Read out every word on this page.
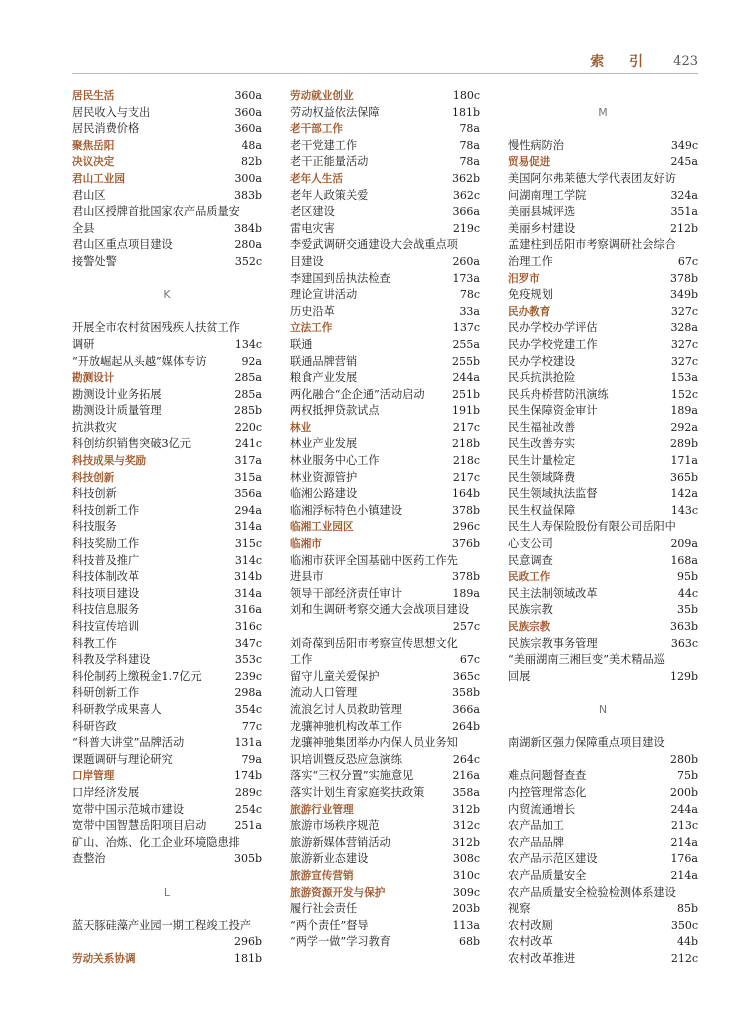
索 引 423
居民生活	360a
居民收入与支出	360a
居民消费价格	360a
聚焦岳阳	48a
决议决定	82b
君山工业园	300a
君山区	383b
君山区授牌首批国家农产品质量安
全县	384b
君山区重点项目建设	280a
接警处警	352c
K
开展全市农村贫困残疾人扶贫工作
调研	134c
“开放崛起从头越”媒体专访	92a
勘测设计	285a
勘测设计业务拓展	285a
勘测设计质量管理	285b
抗洪救灾	220c
科创纺织销售突破3亿元	241c
科技成果与奖励	317a
科技创新	315a
科技创新	356a
科技创新工作	294a
科技服务	314a
科技奖励工作	315c
科技普及推广	314c
科技体制改革	314b
科技项目建设	314a
科技信息服务	316a
科技宣传培训	316c
科教工作	347c
科教及学科建设	353c
科伦制药上缴税金1.7亿元	239c
科研创新工作	298a
科研教学成果喜人	354c
科研咨政	77c
“科普大讲堂”品牌活动	131a
课题调研与理论研究	79a
口岸管理	174b
口岸经济发展	289c
宽带中国示范城市建设	254c
宽带中国智慧岳阳项目启动	251a
矿山、冶炼、化工企业环境隐患排
查整治	305b
L
蓝天豚硅藻产业园一期工程竣工投产
296b
劳动关系协调	181b
劳动就业创业	180c
劳动权益依法保障	181b
老干部工作	78a
老干党建工作	78a
老干正能量活动	78a
老年人生活	362b
老年人政策关爱	362c
老区建设	366a
雷电灾害	219c
李爱武调研交通建设大会战重点项
目建设	260a
李建国到岳执法检查	173a
理论宣讲活动	78c
历史沿革	33a
立法工作	137c
联通	255a
联通品牌营销	255b
粮食产业发展	244a
两化融合“企企通”活动启动 251b
两权抵押贷款试点	191b
林业	217c
林业产业发展	218b
林业服务中心工作	218c
林业资源管护	217c
临湘公路建设	164b
临湘浮标特色小镇建设	378b
临湘工业园区	296c
临湘市	376b
临湘市获评全国基础中医药工作先
进县市	378b
领导干部经济责任审计	189a
刘和生调研考察交通大会战项目建设
257c
刘奇葆到岳阳市考察宣传思想文化
工作	67c
留守儿童关爱保护	365c
流动人口管理	358b
流浪乞讨人员救助管理	366a
龙骧神驰机构改革工作	264b
龙骧神驰集团举办内保人员业务知
识培训暨反恐应急演练	264c
落实“三权分置”实施意见	216a
落实计划生育家庭奖扶政策	358a
旅游行业管理	312b
旅游市场秩序规范	312c
旅游新媒体营销活动	312b
旅游新业态建设	308c
旅游宣传营销	310c
旅游资源开发与保护	309c
履行社会责任	203b
“两个责任”督导	113a
“两学一做”学习教育	68b
M
慢性病防治	349c
贸易促进	245a
美国阿尔弗莱德大学代表团友好访
问湖南理工学院	324a
美丽县城评选	351a
美丽乡村建设	212b
孟建柱到岳阳市考察调研社会综合
治理工作	67c
汨罗市	378b
免疫规划	349b
民办教育	327c
民办学校办学评估	328a
民办学校党建工作	327c
民办学校建设	327c
民兵抗洪抢险	153a
民兵舟桥营防汛演练	152c
民生保障资金审计	189a
民生福祉改善	292a
民生改善夯实	289b
民生计量检定	171a
民生领域降费	365b
民生领域执法监督	142a
民生权益保障	143c
民生人寿保险股份有限公司岳阳中
心支公司	209a
民意调查	168a
民政工作	95b
民主法制领域改革	44c
民族宗教	35b
民族宗教	363b
民族宗教事务管理	363c
“美丽湖南三湘巨变”美术精品巡
回展	129b
N
南湖新区强力保障重点项目建设
280b
难点问题督查查	75b
内控管理常态化	200b
内贸流通增长	244a
农产品加工	213c
农产品品牌	214a
农产品示范区建设	176a
农产品质量安全	214a
农产品质量安全检验检测体系建设
视察	85b
农村改厕	350c
农村改革	44b
农村改革推进	212c
